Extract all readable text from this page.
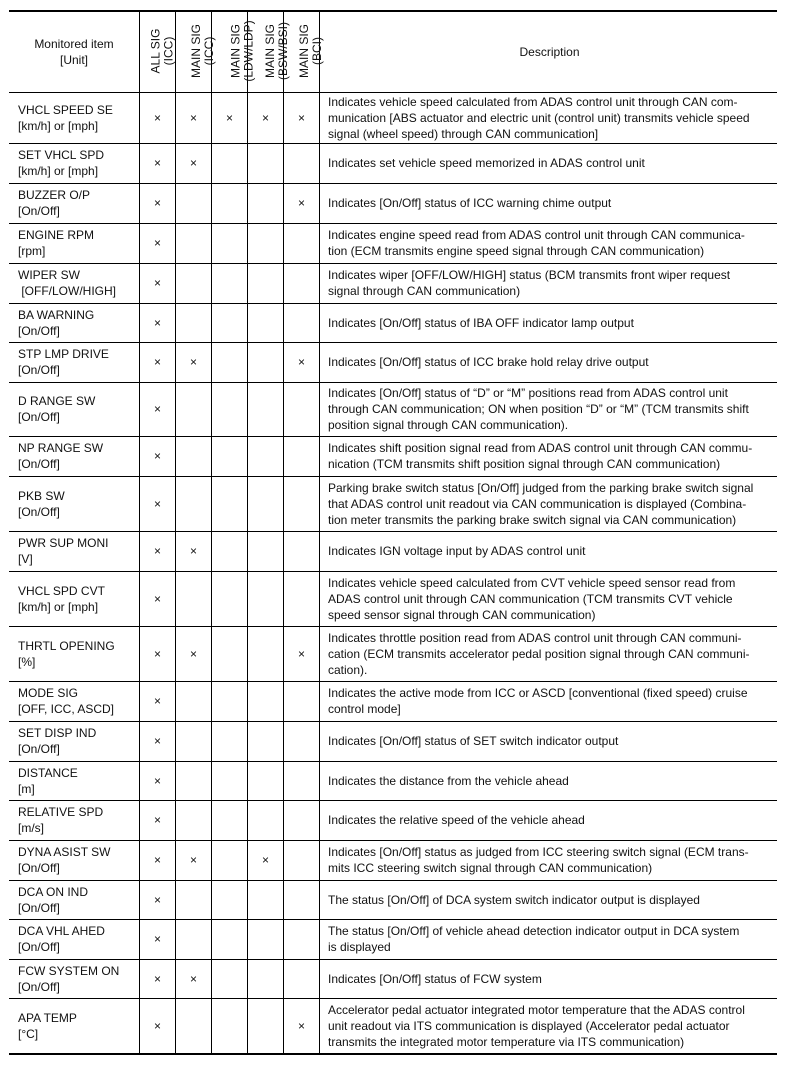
Monitored item
[Unit]	ALL SIG (ICC)	MAIN SIG (ICC)	MAIN SIG (LDW/LDP)	MAIN SIG (BSW/BSI)	MAIN SIG (BCI)	Description

VHCL SPEED SE
[km/h] or [mph]	×	×	×	×	×	Indicates vehicle speed calculated from ADAS control unit through CAN com-
munication [ABS actuator and electric unit (control unit) transmits vehicle speed
signal (wheel speed) through CAN communication]

SET VHCL SPD
[km/h] or [mph]	×	×				Indicates set vehicle speed memorized in ADAS control unit

BUZZER O/P
[On/Off]	×				×	Indicates [On/Off] status of ICC warning chime output

ENGINE RPM
[rpm]	×					Indicates engine speed read from ADAS control unit through CAN communica-
tion (ECM transmits engine speed signal through CAN communication)

WIPER SW
[OFF/LOW/HIGH]	×					Indicates wiper [OFF/LOW/HIGH] status (BCM transmits front wiper request
signal through CAN communication)

BA WARNING
[On/Off]	×					Indicates [On/Off] status of IBA OFF indicator lamp output

STP LMP DRIVE
[On/Off]	×	×			×	Indicates [On/Off] status of ICC brake hold relay drive output

D RANGE SW
[On/Off]	×					Indicates [On/Off] status of “D” or “M” positions read from ADAS control unit
through CAN communication; ON when position “D” or “M” (TCM transmits shift
position signal through CAN communication).

NP RANGE SW
[On/Off]	×					Indicates shift position signal read from ADAS control unit through CAN commu-
nication (TCM transmits shift position signal through CAN communication)

PKB SW
[On/Off]	×					Parking brake switch status [On/Off] judged from the parking brake switch signal
that ADAS control unit readout via CAN communication is displayed (Combina-
tion meter transmits the parking brake switch signal via CAN communication)

PWR SUP MONI
[V]	×	×				Indicates IGN voltage input by ADAS control unit

VHCL SPD CVT
[km/h] or [mph]	×					Indicates vehicle speed calculated from CVT vehicle speed sensor read from
ADAS control unit through CAN communication (TCM transmits CVT vehicle
speed sensor signal through CAN communication)

THRTL OPENING
[%]	×	×			×	Indicates throttle position read from ADAS control unit through CAN communi-
cation (ECM transmits accelerator pedal position signal through CAN communi-
cation).

MODE SIG
[OFF, ICC, ASCD]	×					Indicates the active mode from ICC or ASCD [conventional (fixed speed) cruise
control mode]

SET DISP IND
[On/Off]	×					Indicates [On/Off] status of SET switch indicator output

DISTANCE
[m]	×					Indicates the distance from the vehicle ahead

RELATIVE SPD
[m/s]	×					Indicates the relative speed of the vehicle ahead

DYNA ASIST SW
[On/Off]	×	×		×		Indicates [On/Off] status as judged from ICC steering switch signal (ECM trans-
mits ICC steering switch signal through CAN communication)

DCA ON IND
[On/Off]	×					The status [On/Off] of DCA system switch indicator output is displayed

DCA VHL AHED
[On/Off]	×					The status [On/Off] of vehicle ahead detection indicator output in DCA system
is displayed

FCW SYSTEM ON
[On/Off]	×	×				Indicates [On/Off] status of FCW system

APA TEMP
[°C]	×				×	Accelerator pedal actuator integrated motor temperature that the ADAS control
unit readout via ITS communication is displayed (Accelerator pedal actuator
transmits the integrated motor temperature via ITS communication)
